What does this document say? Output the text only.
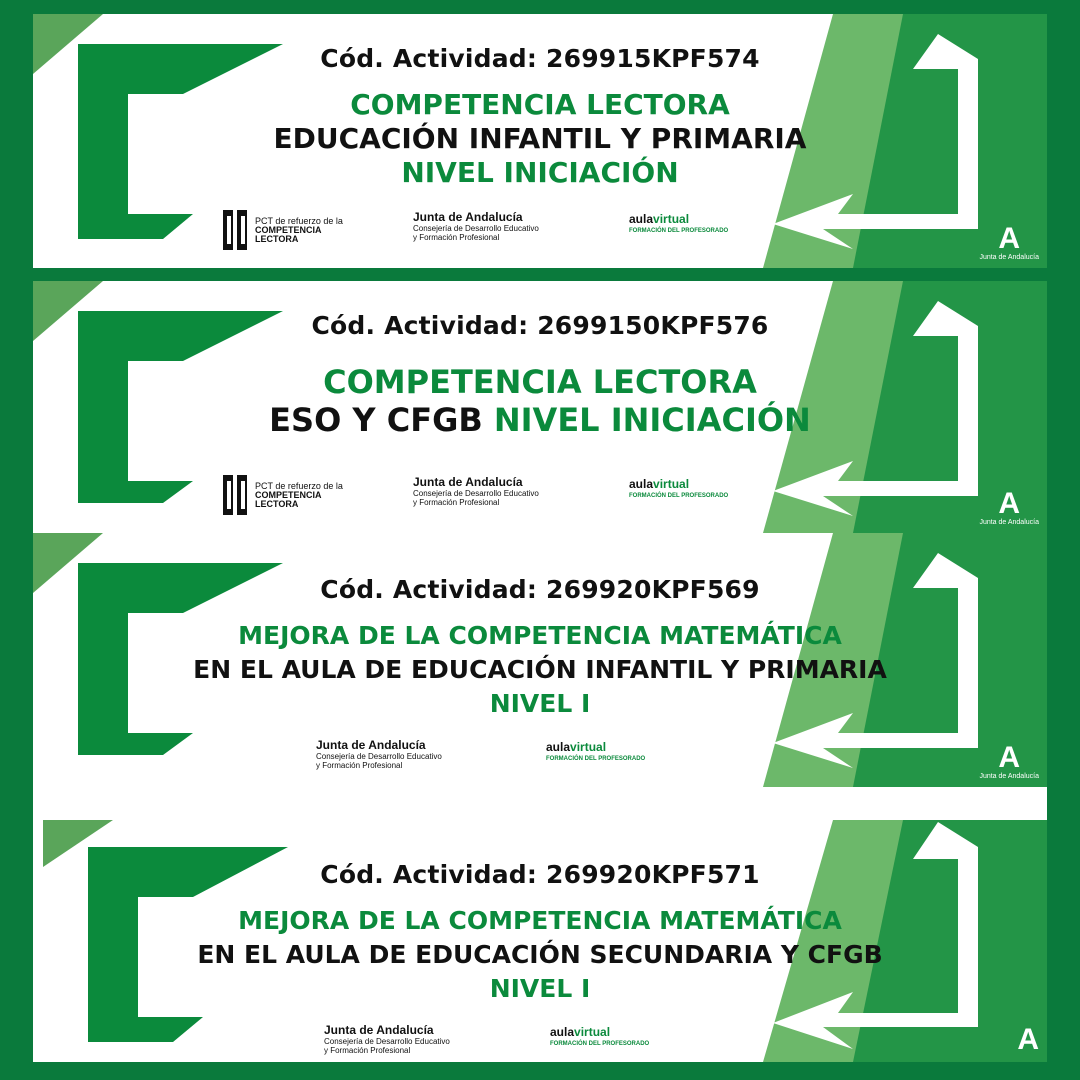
Cód. Actividad: 269915KPF574
COMPETENCIA LECTORA
EDUCACIÓN INFANTIL Y PRIMARIA
NIVEL INICIACIÓN
PCT de refuerzo de la
COMPETENCIA
LECTORA
Junta de Andalucía
Consejería de Desarrollo Educativo
y Formación Profesional
aulavirtual
FORMACIÓN DEL PROFESORADO	A
Junta de Andalucía
Cód. Actividad: 2699150KPF576
COMPETENCIA LECTORA
ESO Y CFGB NIVEL INICIACIÓN
PCT de refuerzo de la
COMPETENCIA
LECTORA
Junta de Andalucía
Consejería de Desarrollo Educativo
y Formación Profesional
aulavirtual
FORMACIÓN DEL PROFESORADO	A
Junta de Andalucía
Cód. Actividad: 269920KPF569
MEJORA DE LA COMPETENCIA MATEMÁTICA
EN EL AULA DE EDUCACIÓN INFANTIL Y PRIMARIA
NIVEL I
Junta de Andalucía
Consejería de Desarrollo Educativo
y Formación Profesional
aulavirtual
FORMACIÓN DEL PROFESORADO	A
Junta de Andalucía
Cód. Actividad: 269920KPF571
MEJORA DE LA COMPETENCIA MATEMÁTICA
EN EL AULA DE EDUCACIÓN SECUNDARIA Y CFGB
NIVEL I
Junta de Andalucía
Consejería de Desarrollo Educativo
y Formación Profesional
aulavirtual
FORMACIÓN DEL PROFESORADO	A
